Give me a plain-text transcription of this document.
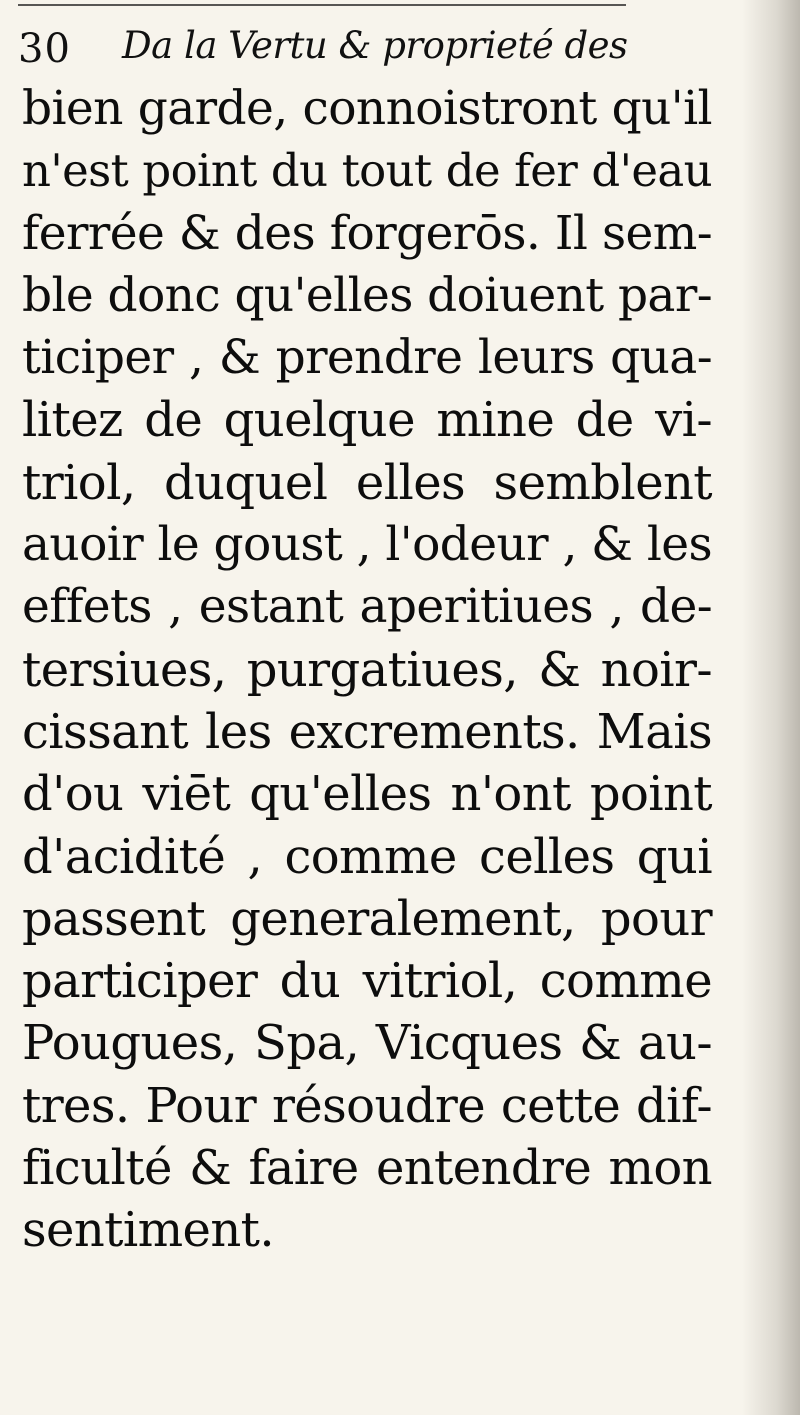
30 Da la Vertu & proprieté des
bien garde, connoistront qu'il
n'est point du tout de fer d'eau
ferrée & des forgerōs. Il sem-
ble donc qu'elles doiuent par-
ticiper , & prendre leurs qua-
litez de quelque mine de vi-
triol, duquel elles semblent
auoir le goust , l'odeur , & les
effets , estant aperitiues , de-
tersiues, purgatiues, & noir-
cissant les excrements. Mais
d'ou viēt qu'elles n'ont point
d'acidité , comme celles qui
passent generalement, pour
participer du vitriol, comme
Pougues, Spa, Vicques & au-
tres. Pour résoudre cette dif-
ficulté & faire entendre mon
sentiment.
